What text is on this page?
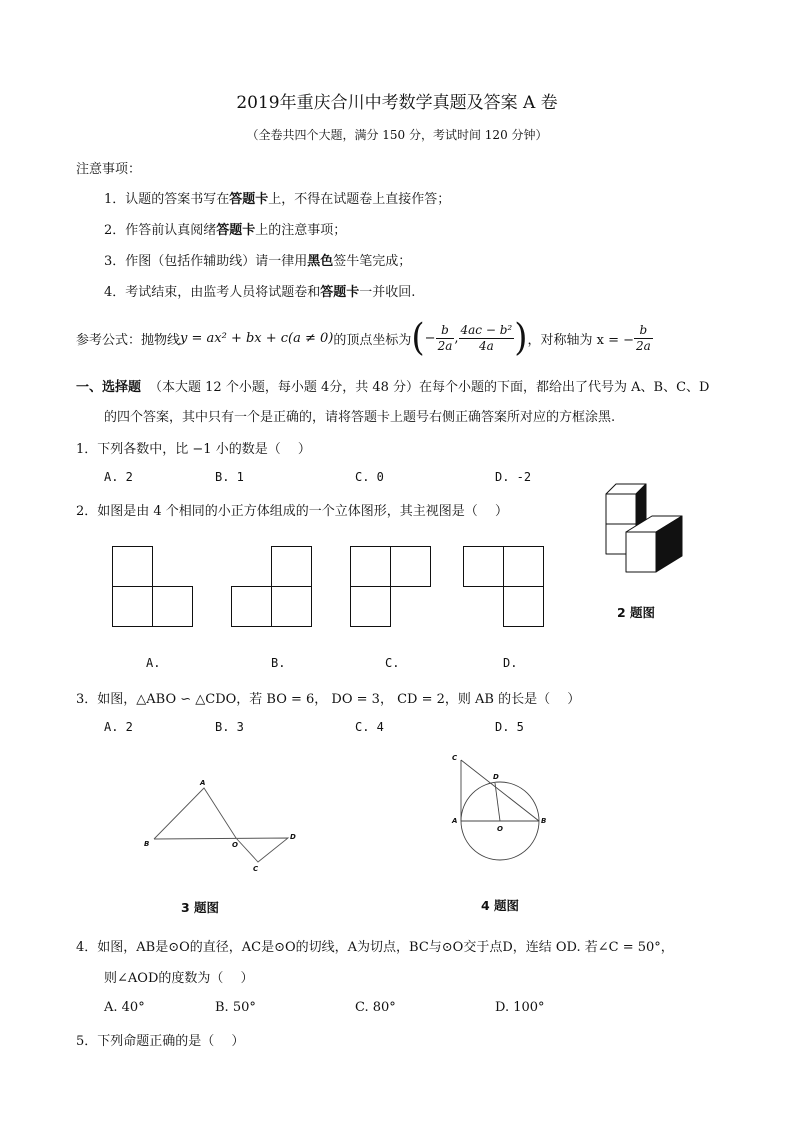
2019年重庆合川中考数学真题及答案 A 卷
（全卷共四个大题，满分 150 分，考试时间 120 分钟）
注意事项：
1．认题的答案书写在答题卡上，不得在试题卷上直接作答；
2．作答前认真阅绪答题卡上的注意事项；
3．作图（包括作辅助线）请一律用黑色签牛笔完成；
4．考试结束，由监考人员将试题卷和答题卡一并收回.
参考公式：抛物线 y = ax² + bx + c(a ≠ 0) 的顶点坐标为 ( − $\frac{b}{2a}$ , $\frac{\text{4ac − b²}}{4a}$ ) ，对称轴为 x = − $\frac{b}{2a}$
一、选择题 （本大题 12 个小题，每小题 4分，共 48 分）在每个小题的下面，都给出了代号为 A、B、C、D
的四个答案，其中只有一个是正确的，请将答题卡上题号右侧正确答案所对应的方框涂黑.
1．下列各数中，比 −1 小的数是（　 ）
A. 2	B. 1	C. 0	D. -2
2．如图是由 4 个相同的小正方体组成的一个立体图形，其主视图是（　 ）
A.	B.	C.	D.
2 题图
3．如图，△ABO ∽ △CDO，若 BO = 6， DO = 3， CD = 2，则 AB 的长是（　 ）
A. 2	B. 3	C. 4	D. 5
A
B	O
D
C
3 题图
C
D
A
O
B
4 题图
4．如图，AB是⊙O的直径，AC是⊙O的切线，A为切点，BC与⊙O交于点D，连结 OD. 若∠C = 50°，
则∠AOD的度数为（　 ）
A. 40°	B. 50°	C. 80°	D. 100°
5．下列命题正确的是（　 ）
